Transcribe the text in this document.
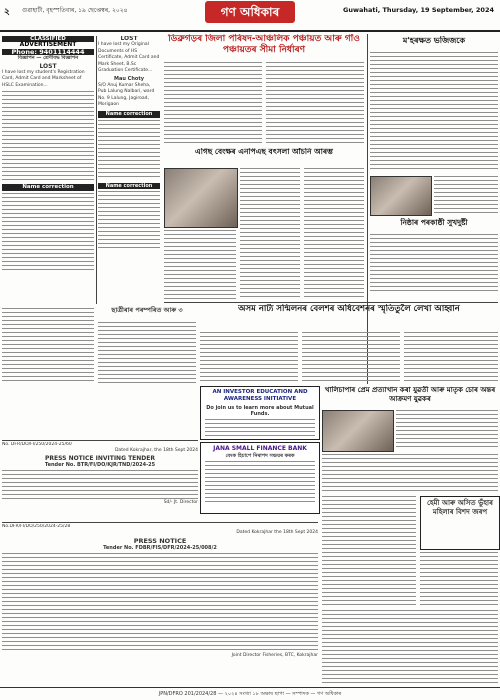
২ গুৱাহাটী, বৃহস্পতিবাৰ, ১৯ ছেপ্তেম্বৰ, ২০২৪	গণ অধিকাৰ	Guwahati, Thursday, 19 September, 2024
CLASSIFIED
ADVERTISEMENT
Phone: 9401114444
বিজ্ঞাপন — শ্ৰেণীবদ্ধ বিজ্ঞাপন
LOST
I have lost my student's Registration Card, Admit Card and Marksheet of HSLC Examination...
Name correction
LOST
I have lost my Original Documents of HS Certificate, Admit Card and Mark Sheet, B.Sc Graduation Certificate...
Mau Choty
S/O Anuj Kumar Sheha, Pub Lalung Nalbari, ward No. 9 Lalung, Jagiroad, Morigaon
Name correction
Name correction
ডিব্ৰুগড়ৰ জিলা পৰিষদ-আঞ্চলিক পঞ্চায়ত আৰু গাঁও পঞ্চায়তৰ সীমা নিৰ্ধাৰণ
এগিছ বেংক্ষৰ এনপিএছ বৎসলা আঁচনি আৰম্ভ
ম'হৰক্ষত ভজিজকে
নিষ্ঠাৰ পৰকাষ্ঠী সুখদুষ্টী
অসম নাট্য সন্মিলনৰ বেলশৰ অধিবেশনৰ স্মৃতিতুলৈ লেখা আহ্বান
ছাত্ৰীৰাৰ পৰম্পৰিত আৰু ৩
AN INVESTOR EDUCATION AND AWARENESS INITIATIVE
Do join us to learn more about Mutual Funds.
খালিচাপাৰ প্ৰেম প্ৰত্যাখান কৰা যুৱতী আৰু মাতৃক চোৰ অন্তৰ আক্ৰমণ যুৱকৰ
No. DFR/DO/FI/250/2024-25/60
Dated Kokrajhar, the 18th Sept 2024
PRESS NOTICE INVITING TENDER
Tender No. BTR/FI/DO/KJR/TND/2024-25
Sd/- Jt. Director
JANA SMALL FINANCE BANK
বেংক হিচাপে নিৰাপদ সঞ্চয়ৰ কৰক
হেমী আৰু অসিত ভুঁহাৰ মহিলাৰ বিশদ জৰপ
No.DFR/FI/DO/250/2024-25/28
Dated Kokrajhar the 18th Sept 2024
PRESS NOTICE
Tender No. FDBR/FIS/DFR/2024-25/008/2
Joint Director Fisheries, BTC, Kokrajhar
JPN/DFRO 201/2024/28 — ২০২৪ সংখ্যা ১৮ অক্ষাষ ছাপা — সম্পাদক — গণ অধিকাৰ
